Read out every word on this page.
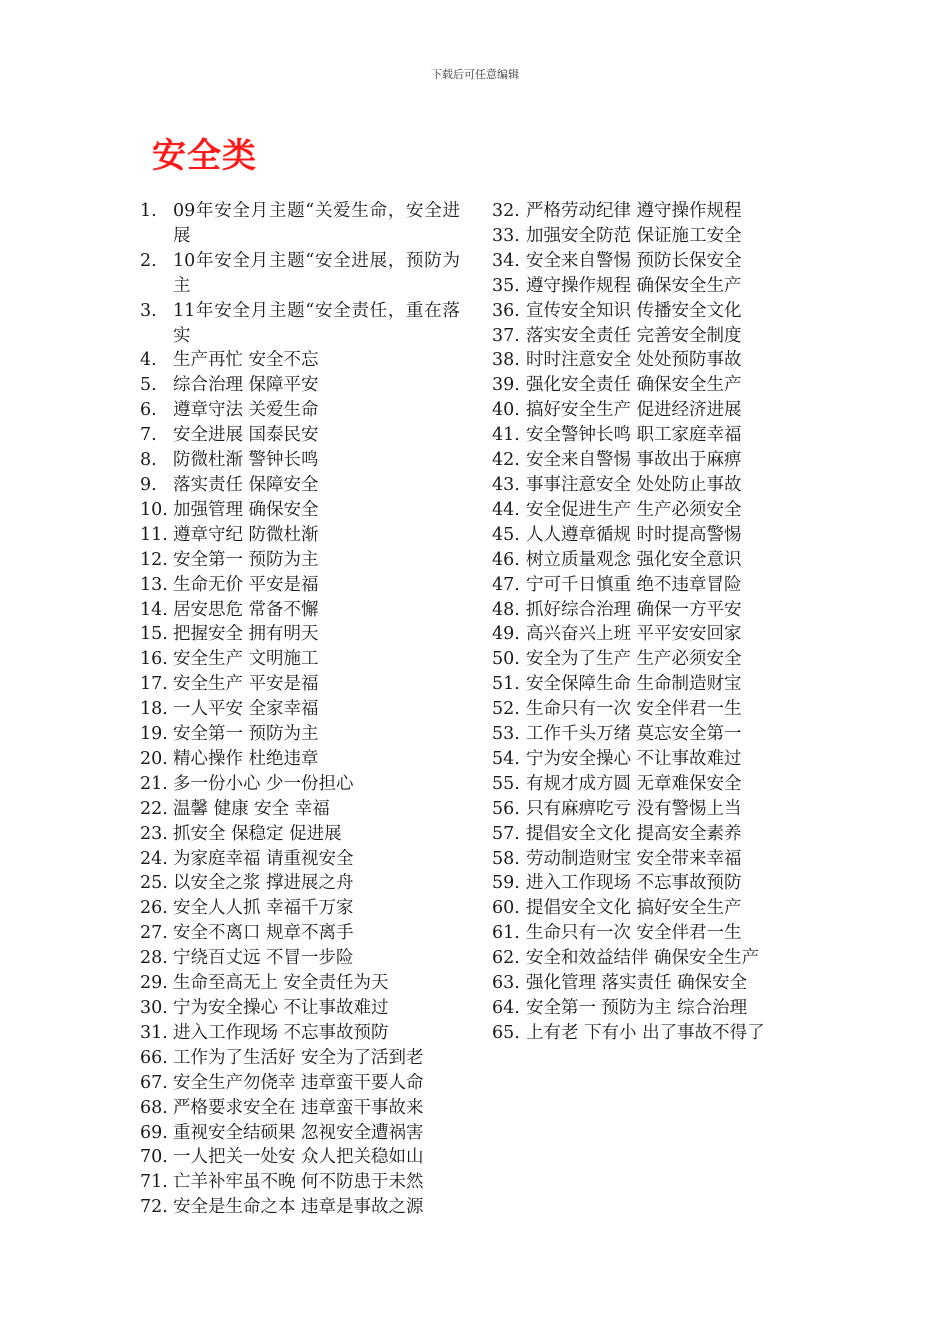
下载后可任意编辑
安全类
1. 09年安全月主题“关爱生命，安全进展
2. 10年安全月主题“安全进展，预防为主
3. 11年安全月主题“安全责任，重在落实
4. 生产再忙 安全不忘
5. 综合治理 保障平安
6. 遵章守法 关爱生命
7. 安全进展 国泰民安
8. 防微杜渐 警钟长鸣
9. 落实责任 保障安全
10. 加强管理 确保安全
11. 遵章守纪 防微杜渐
12. 安全第一 预防为主
13. 生命无价 平安是福
14. 居安思危 常备不懈
15. 把握安全 拥有明天
16. 安全生产 文明施工
17. 安全生产 平安是福
18. 一人平安 全家幸福
19. 安全第一 预防为主
20. 精心操作 杜绝违章
21. 多一份小心 少一份担心
22. 温馨 健康 安全 幸福
23. 抓安全 保稳定 促进展
24. 为家庭幸福 请重视安全
25. 以安全之浆 撑进展之舟
26. 安全人人抓 幸福千万家
27. 安全不离口 规章不离手
28. 宁绕百丈远 不冒一步险
29. 生命至高无上 安全责任为天
30. 宁为安全操心 不让事故难过
31. 进入工作现场 不忘事故预防
66. 工作为了生活好 安全为了活到老
67. 安全生产勿侥幸 违章蛮干要人命
68. 严格要求安全在 违章蛮干事故来
69. 重视安全结硕果 忽视安全遭祸害
70. 一人把关一处安 众人把关稳如山
71. 亡羊补牢虽不晚 何不防患于未然
72. 安全是生命之本 违章是事故之源
32. 严格劳动纪律 遵守操作规程
33. 加强安全防范 保证施工安全
34. 安全来自警惕 预防长保安全
35. 遵守操作规程 确保安全生产
36. 宣传安全知识 传播安全文化
37. 落实安全责任 完善安全制度
38. 时时注意安全 处处预防事故
39. 强化安全责任 确保安全生产
40. 搞好安全生产 促进经济进展
41. 安全警钟长鸣 职工家庭幸福
42. 安全来自警惕 事故出于麻痹
43. 事事注意安全 处处防止事故
44. 安全促进生产 生产必须安全
45. 人人遵章循规 时时提高警惕
46. 树立质量观念 强化安全意识
47. 宁可千日慎重 绝不违章冒险
48. 抓好综合治理 确保一方平安
49. 高兴奋兴上班 平平安安回家
50. 安全为了生产 生产必须安全
51. 安全保障生命 生命制造财宝
52. 生命只有一次 安全伴君一生
53. 工作千头万绪 莫忘安全第一
54. 宁为安全操心 不让事故难过
55. 有规才成方圆 无章难保安全
56. 只有麻痹吃亏 没有警惕上当
57. 提倡安全文化 提高安全素养
58. 劳动制造财宝 安全带来幸福
59. 进入工作现场 不忘事故预防
60. 提倡安全文化 搞好安全生产
61. 生命只有一次 安全伴君一生
62. 安全和效益结伴 确保安全生产
63. 强化管理 落实责任 确保安全
64. 安全第一 预防为主 综合治理
65. 上有老 下有小 出了事故不得了
